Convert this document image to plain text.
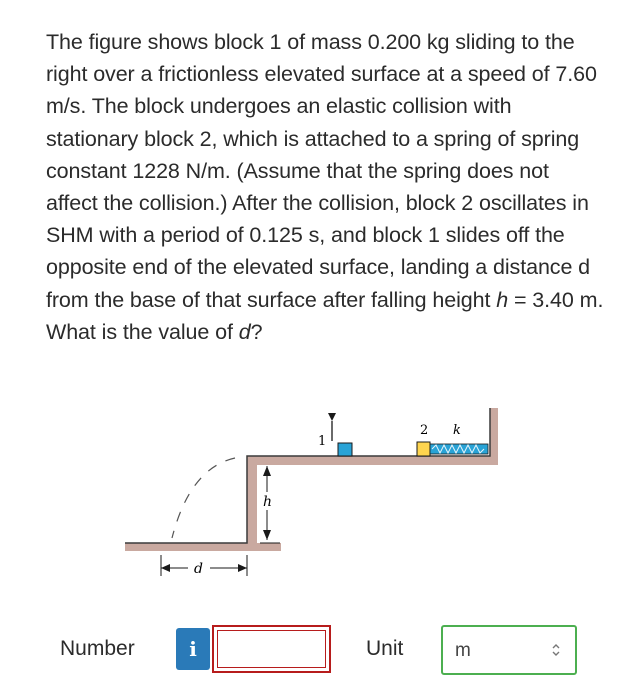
The figure shows block 1 of mass 0.200 kg sliding to the right over a frictionless elevated surface at a speed of 7.60 m/s. The block undergoes an elastic collision with stationary block 2, which is attached to a spring of spring constant 1228 N/m. (Assume that the spring does not affect the collision.) After the collision, block 2 oscillates in SHM with a period of 0.125 s, and block 1 slides off the opposite end of the elevated surface, landing a distance d from the base of that surface after falling height h = 3.40 m. What is the value of d?

1
2 k
h
d
Number	i	Unit	m
